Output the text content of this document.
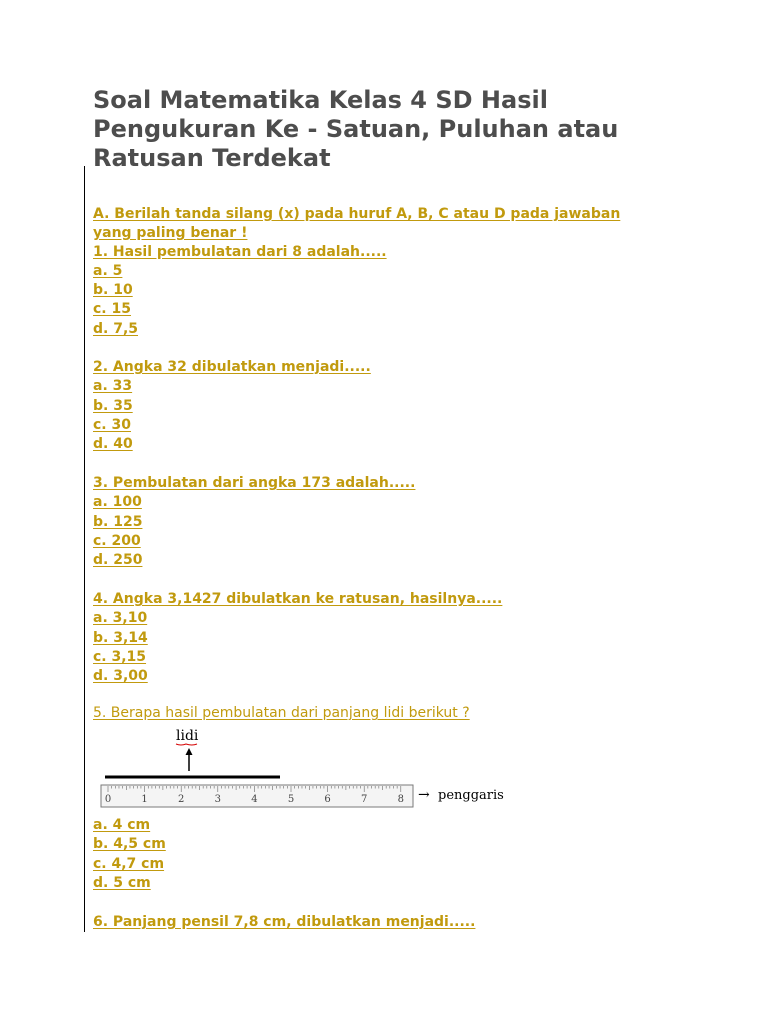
Soal Matematika Kelas 4 SD Hasil Pengukuran Ke - Satuan, Puluhan atau Ratusan Terdekat
A. Berilah tanda silang (x) pada huruf A, B, C atau D pada jawaban
yang paling benar !
1. Hasil pembulatan dari 8 adalah.....
a. 5
b. 10
c. 15
d. 7,5
2. Angka 32 dibulatkan menjadi.....
a. 33
b. 35
c. 30
d. 40
3. Pembulatan dari angka 173 adalah.....
a. 100
b. 125
c. 200
d. 250
4. Angka 3,1427 dibulatkan ke ratusan, hasilnya.....
a. 3,10
b. 3,14
c. 3,15
d. 3,00
5. Berapa hasil pembulatan dari panjang lidi berikut ?
a. 4 cm
b. 4,5 cm
c. 4,7 cm
d. 5 cm
6. Panjang pensil 7,8 cm, dibulatkan menjadi.....
lidi
0	1	2	3	4	5	6	7	8 → penggaris
